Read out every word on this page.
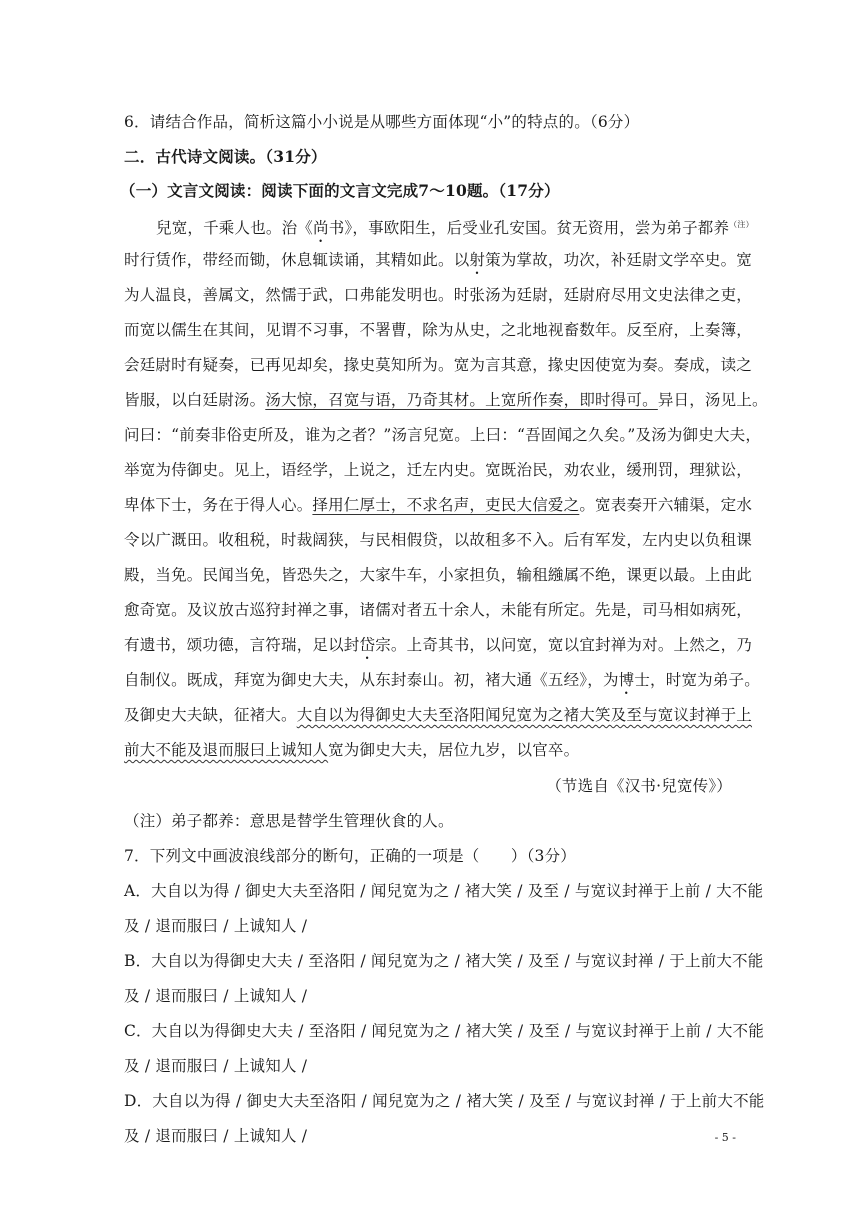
6．请结合作品，简析这篇小小说是从哪些方面体现“小”的特点的。（6分）
二．古代诗文阅读。（31分）
（一）文言文阅读：阅读下面的文言文完成7～10题。（17分）
兒宽，千乘人也。治《尚书》，事欧阳生，后受业孔安国。贫无资用，尝为弟子都养$^{(注)}$
时行赁作，带经而锄，休息辄读诵，其精如此。以射策为掌故，功次，补廷尉文学卒史。宽
为人温良，善属文，然懦于武，口弗能发明也。时张汤为廷尉，廷尉府尽用文史法律之吏，
而宽以儒生在其间，见谓不习事，不署曹，除为从史，之北地视畜数年。反至府，上奏簿，
会廷尉时有疑奏，已再见却矣，掾史莫知所为。宽为言其意，掾史因使宽为奏。奏成，读之
皆服，以白廷尉汤。汤大惊，召宽与语，乃奇其材。上宽所作奏，即时得可。异日，汤见上。
问曰：“前奏非俗吏所及，谁为之者？”汤言兒宽。上曰：“吾固闻之久矣。”及汤为御史大夫，
举宽为侍御史。见上，语经学，上说之，迁左内史。宽既治民，劝农业，缓刑罚，理狱讼，
卑体下士，务在于得人心。择用仁厚士，不求名声，吏民大信爱之。宽表奏开六辅渠，定水
令以广溉田。收租税，时裁阔狭，与民相假贷，以故租多不入。后有军发，左内史以负租课
殿，当免。民闻当免，皆恐失之，大家牛车，小家担负，输租繈属不绝，课更以最。上由此
愈奇宽。及议放古巡狩封禅之事，诸儒对者五十余人，未能有所定。先是，司马相如病死，
有遗书，颂功德，言符瑞，足以封岱宗。上奇其书，以问宽，宽以宜封禅为对。上然之，乃
自制仪。既成，拜宽为御史大夫，从东封泰山。初，褚大通《五经》，为博士，时宽为弟子。
及御史大夫缺，征褚大。大自以为得御史大夫至洛阳闻兒宽为之褚大笑及至与宽议封禅于上
前大不能及退而服曰上诚知人宽为御史大夫，居位九岁，以官卒。
（节选自《汉书·兒宽传》）
（注）弟子都养：意思是替学生管理伙食的人。
7．下列文中画波浪线部分的断句，正确的一项是（　　）（3分）
A．大自以为得 / 御史大夫至洛阳 / 闻兒宽为之 / 褚大笑 / 及至 / 与宽议封禅于上前 / 大不能
及 / 退而服曰 / 上诚知人 /
B．大自以为得御史大夫 / 至洛阳 / 闻兒宽为之 / 褚大笑 / 及至 / 与宽议封禅 / 于上前大不能
及 / 退而服曰 / 上诚知人 /
C．大自以为得御史大夫 / 至洛阳 / 闻兒宽为之 / 褚大笑 / 及至 / 与宽议封禅于上前 / 大不能
及 / 退而服曰 / 上诚知人 /
D．大自以为得 / 御史大夫至洛阳 / 闻兒宽为之 / 褚大笑 / 及至 / 与宽议封禅 / 于上前大不能
及 / 退而服曰 / 上诚知人 /	- 5 -
